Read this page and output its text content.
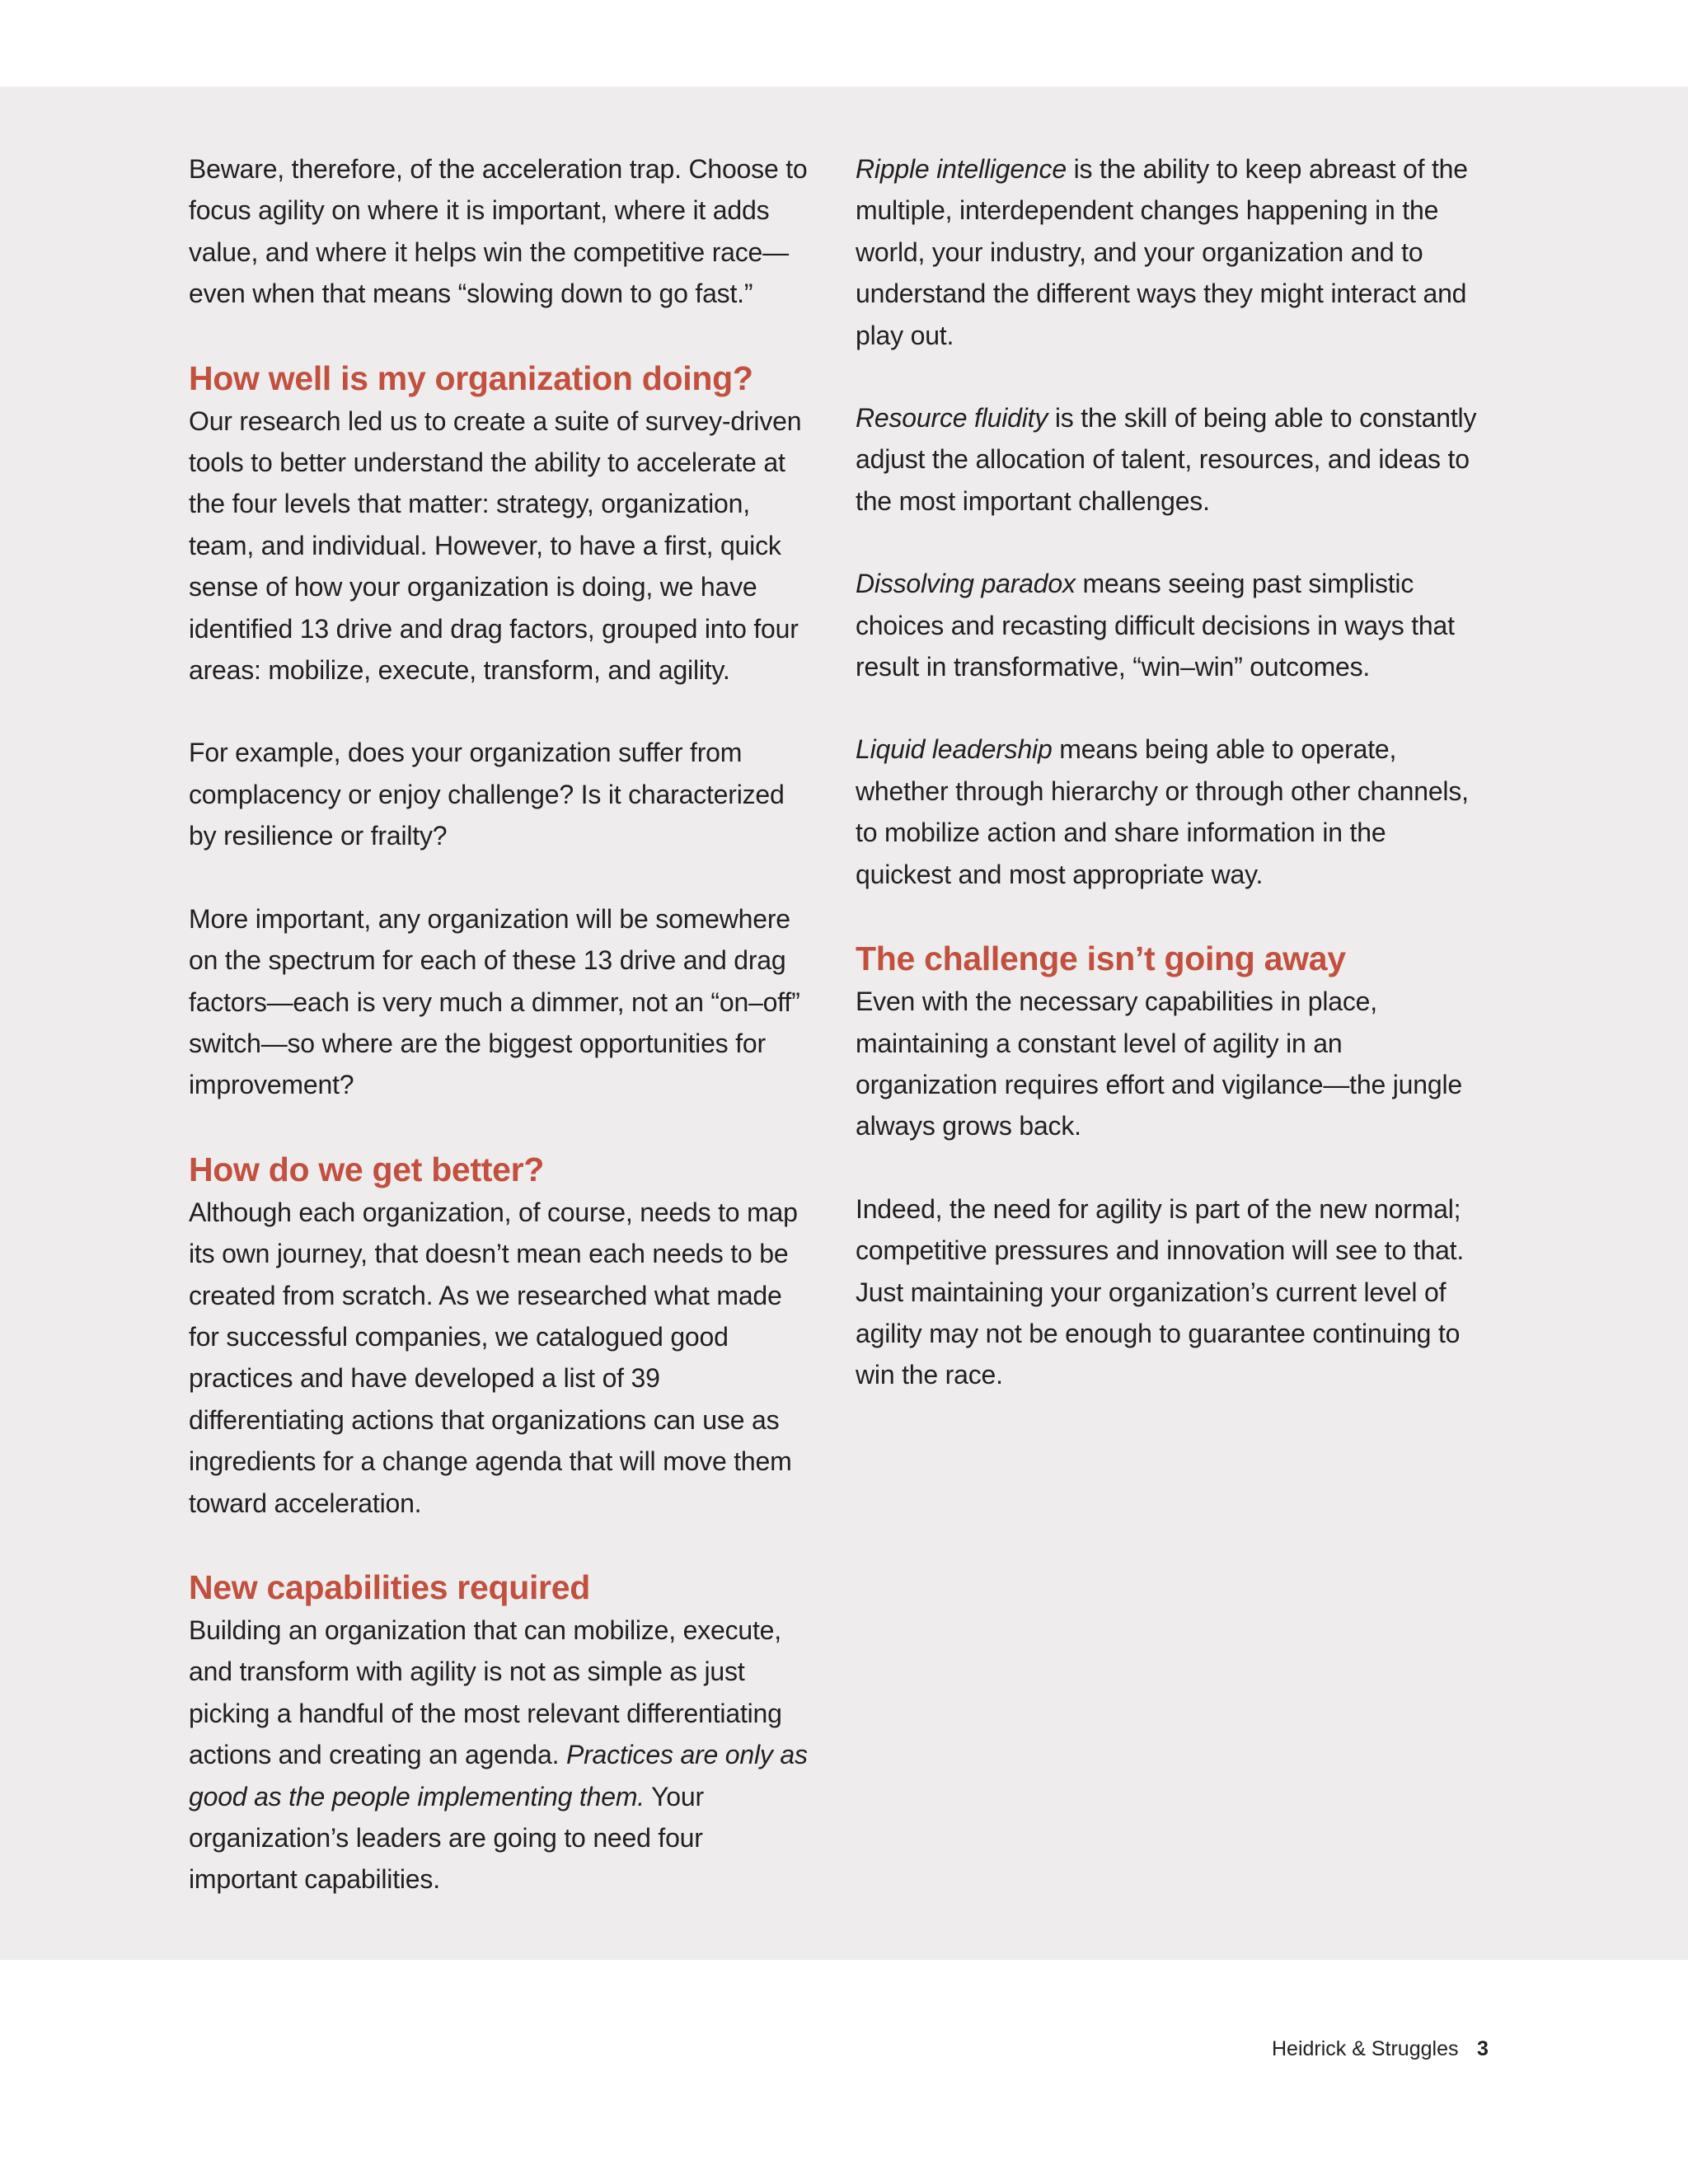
Beware, therefore, of the acceleration trap. Choose to focus agility on where it is important, where it adds value, and where it helps win the competitive race—even when that means “slowing down to go fast.”

How well is my organization doing?

Our research led us to create a suite of survey-driven tools to better understand the ability to accelerate at the four levels that matter: strategy, organization, team, and individual. However, to have a first, quick sense of how your organization is doing, we have identified 13 drive and drag factors, grouped into four areas: mobilize, execute, transform, and agility.

For example, does your organization suffer from complacency or enjoy challenge? Is it characterized by resilience or frailty?

More important, any organization will be somewhere on the spectrum for each of these 13 drive and drag factors—each is very much a dimmer, not an “on–off” switch—so where are the biggest opportunities for improvement?

How do we get better?

Although each organization, of course, needs to map its own journey, that doesn’t mean each needs to be created from scratch. As we researched what made for successful companies, we catalogued good practices and have developed a list of 39 differentiating actions that organizations can use as ingredients for a change agenda that will move them toward acceleration.

New capabilities required

Building an organization that can mobilize, execute, and transform with agility is not as simple as just picking a handful of the most relevant differentiating actions and creating an agenda. Practices are only as good as the people implementing them. Your organization’s leaders are going to need four important capabilities.

Ripple intelligence is the ability to keep abreast of the multiple, interdependent changes happening in the world, your industry, and your organization and to understand the different ways they might interact and play out.

Resource fluidity is the skill of being able to constantly adjust the allocation of talent, resources, and ideas to the most important challenges.

Dissolving paradox means seeing past simplistic choices and recasting difficult decisions in ways that result in transformative, “win–win” outcomes.

Liquid leadership means being able to operate, whether through hierarchy or through other channels, to mobilize action and share information in the quickest and most appropriate way.

The challenge isn’t going away

Even with the necessary capabilities in place, maintaining a constant level of agility in an organization requires effort and vigilance—the jungle always grows back.

Indeed, the need for agility is part of the new normal; competitive pressures and innovation will see to that. Just maintaining your organization’s current level of agility may not be enough to guarantee continuing to win the race.

Heidrick & Struggles 3
